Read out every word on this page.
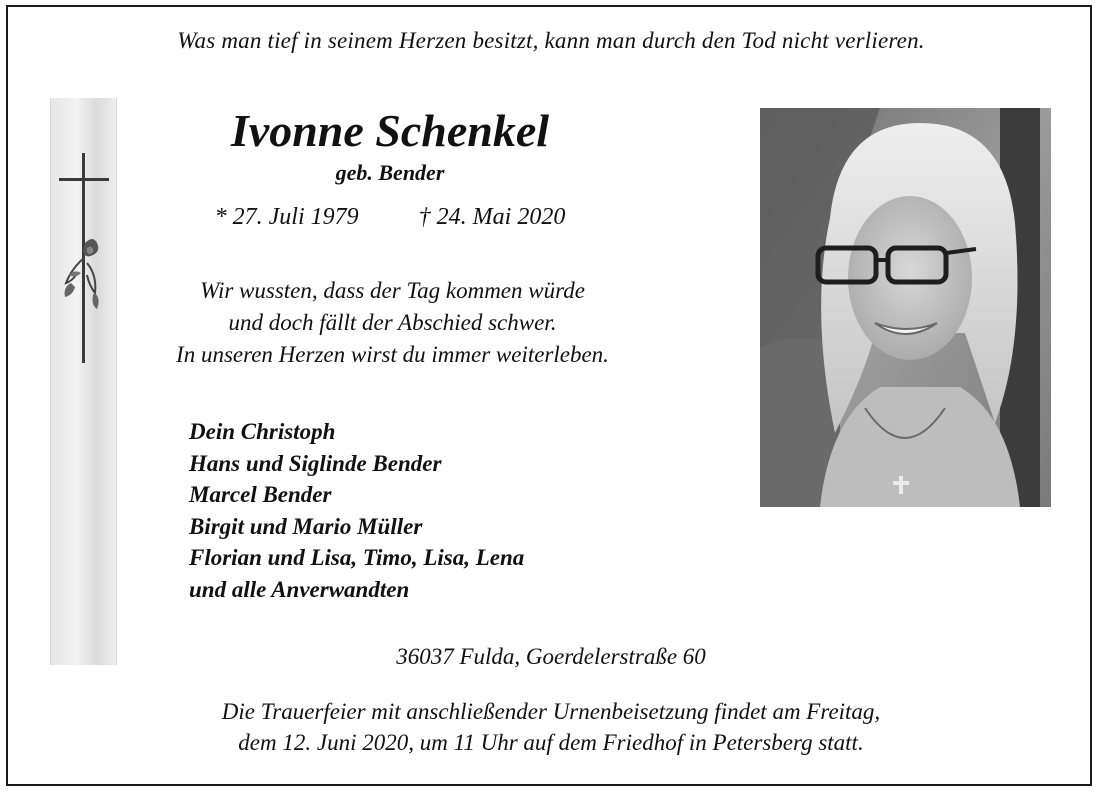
Was man tief in seinem Herzen besitzt, kann man durch den Tod nicht verlieren.
Ivonne Schenkel
geb. Bender
* 27. Juli 1979	† 24. Mai 2020
Wir wussten, dass der Tag kommen würde
und doch fällt der Abschied schwer.
In unseren Herzen wirst du immer weiterleben.
Dein Christoph
Hans und Siglinde Bender
Marcel Bender
Birgit und Mario Müller
Florian und Lisa, Timo, Lisa, Lena
und alle Anverwandten
36037 Fulda, Goerdelerstraße 60
Die Trauerfeier mit anschließender Urnenbeisetzung findet am Freitag,
dem 12. Juni 2020, um 11 Uhr auf dem Friedhof in Petersberg statt.
